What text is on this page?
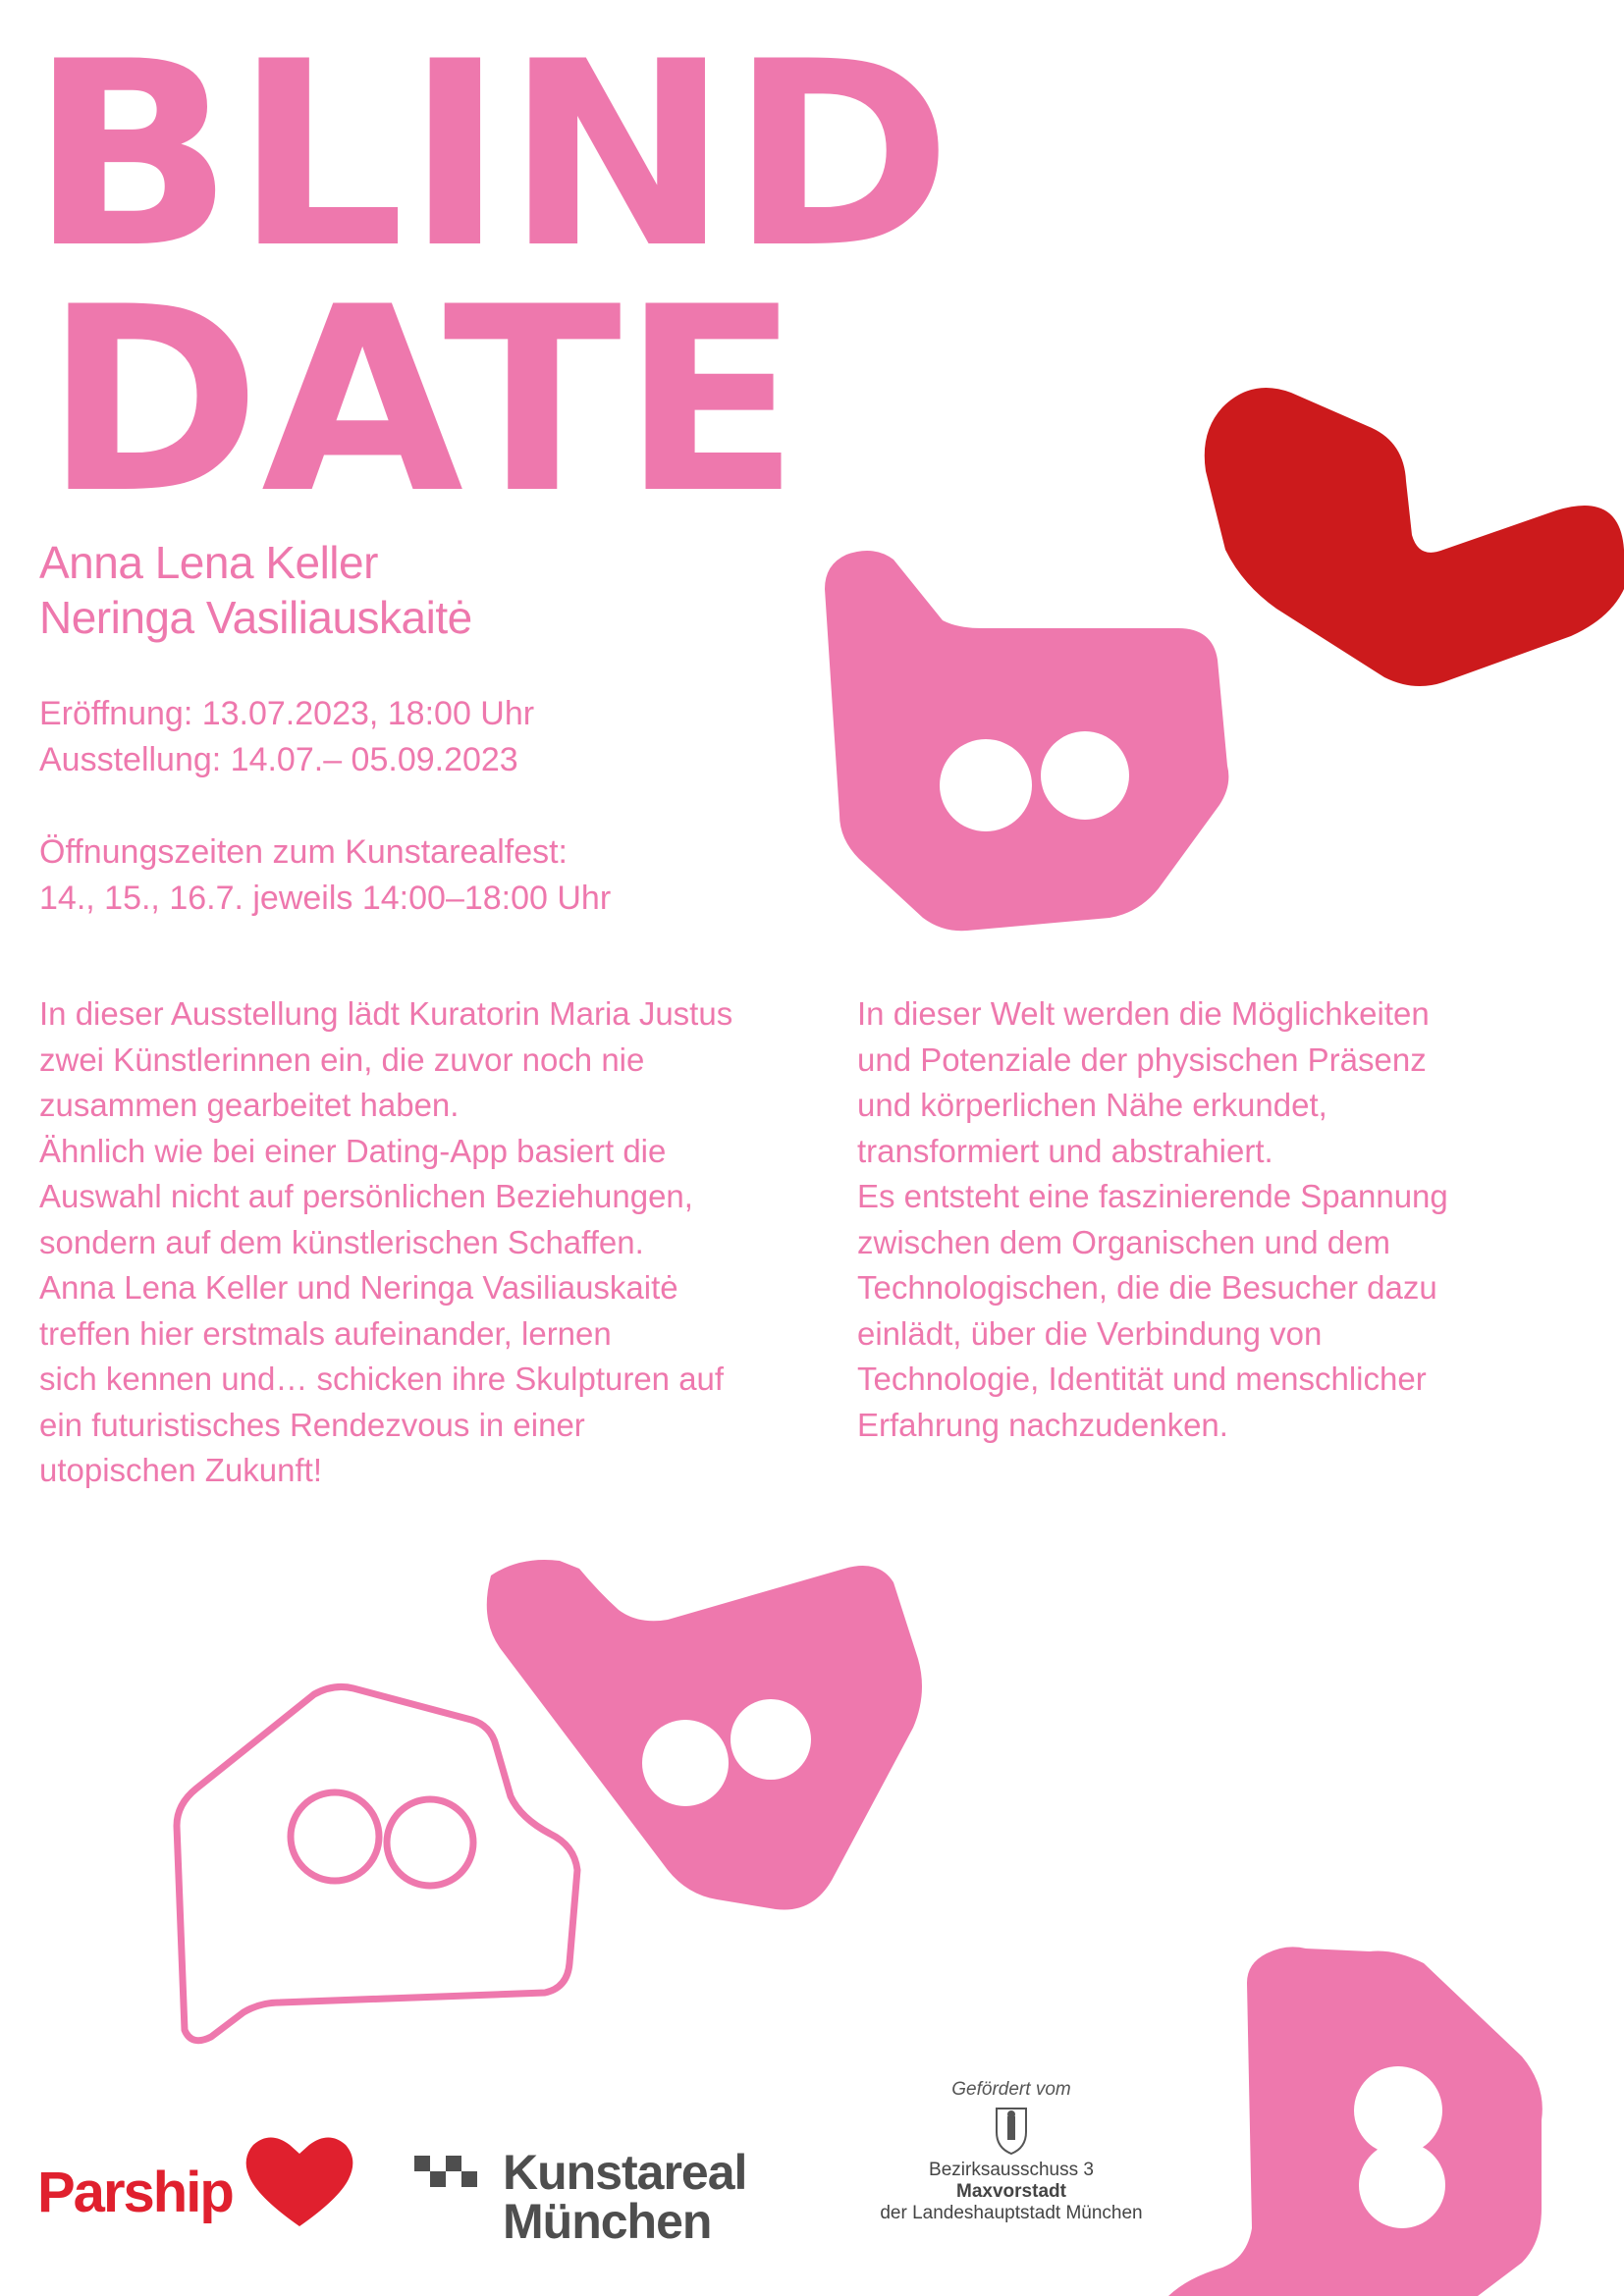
BLIND
DATE
Anna Lena Keller
Neringa Vasiliauskaitė
Eröffnung: 13.07.2023, 18:00 Uhr
Ausstellung: 14.07.– 05.09.2023
Öffnungszeiten zum Kunstarealfest:
14., 15., 16.7. jeweils 14:00–18:00 Uhr
In dieser Ausstellung lädt Kuratorin Maria Justus
zwei Künstlerinnen ein, die zuvor noch nie
zusammen gearbeitet haben.
Ähnlich wie bei einer Dating-App basiert die
Auswahl nicht auf persönlichen Beziehungen,
sondern auf dem künstlerischen Schaffen.
Anna Lena Keller und Neringa Vasiliauskaitė
treffen hier erstmals aufeinander, lernen
sich kennen und… schicken ihre Skulpturen auf
ein futuristisches Rendezvous in einer
utopischen Zukunft!
In dieser Welt werden die Möglichkeiten
und Potenziale der physischen Präsenz
und körperlichen Nähe erkundet,
transformiert und abstrahiert.
Es entsteht eine faszinierende Spannung
zwischen dem Organischen und dem
Technologischen, die die Besucher dazu
einlädt, über die Verbindung von
Technologie, Identität und menschlicher
Erfahrung nachzudenken.
Parship	Kunstareal
München
Gefördert vom
Bezirksausschuss 3
Maxvorstadt
der Landeshauptstadt München
